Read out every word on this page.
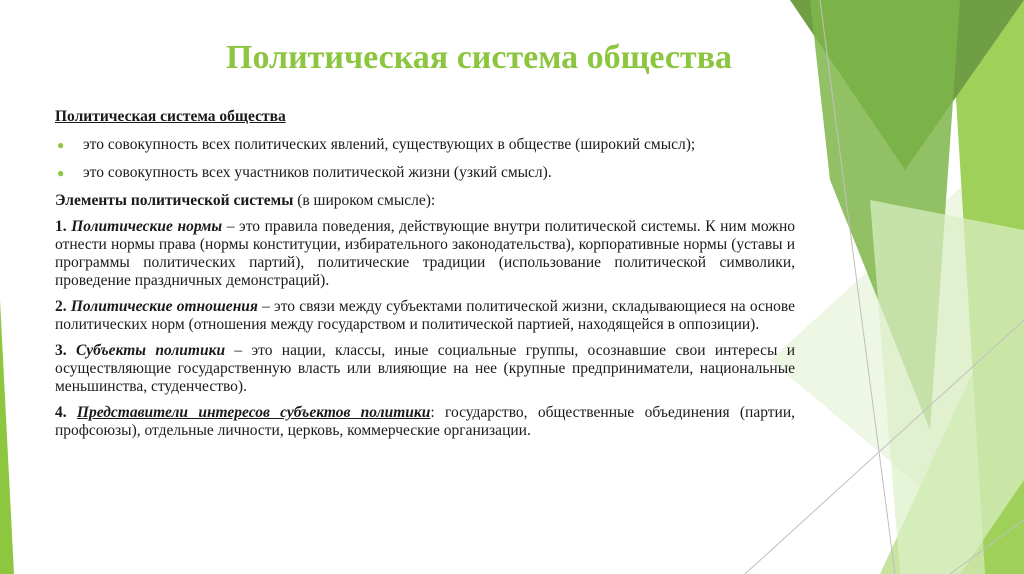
Политическая система общества
Политическая система общества
● это совокупность всех политических явлений, существующих в обществе (широкий смысл);
● это совокупность всех участников политической жизни (узкий смысл).

Элементы политической системы (в широком смысле):

1. Политические нормы – это правила поведения, действующие внутри политической системы. К ним можно отнести нормы права (нормы конституции, избирательного законодательства), корпоративные нормы (уставы и программы политических партий), политические традиции (использование политической символики, проведение праздничных демонстраций).

2. Политические отношения – это связи между субъектами политической жизни, складывающиеся на основе политических норм (отношения между государством и политической партией, находящейся в оппозиции).

3. Субъекты политики – это нации, классы, иные социальные группы, осознавшие свои интересы и осуществляющие государственную власть или влияющие на нее (крупные предприниматели, национальные меньшинства, студенчество).

4. Представители интересов субъектов политики: государство, общественные объединения (партии, профсоюзы), отдельные личности, церковь, коммерческие организации.
